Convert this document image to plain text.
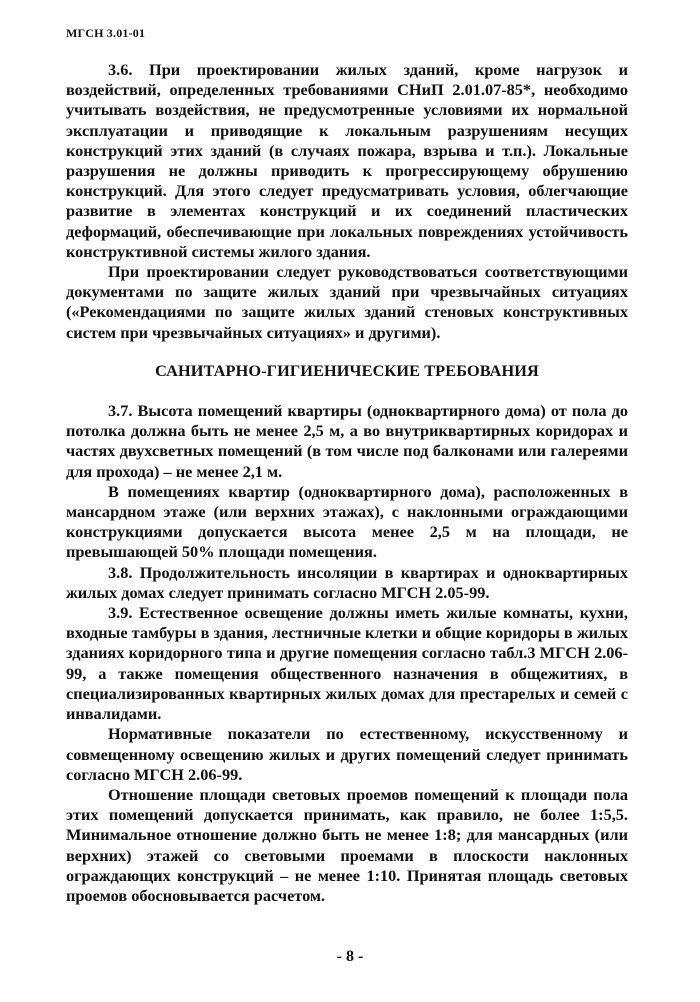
МГСН 3.01-01

3.6. При проектировании жилых зданий, кроме нагрузок и воздействий, определенных требованиями СНиП 2.01.07-85*, необходимо учитывать воздействия, не предусмотренные условиями их нормальной эксплуатации и приводящие к локальным разрушениям несущих конструкций этих зданий (в случаях пожара, взрыва и т.п.). Локальные разрушения не должны приводить к прогрессирующему обрушению конструкций. Для этого следует предусматривать условия, облегчающие развитие в элементах конструкций и их соединений пластических деформаций, обеспечивающие при локальных повреждениях устойчивость конструктивной системы жилого здания.

При проектировании следует руководствоваться соответствующими документами по защите жилых зданий при чрезвычайных ситуациях («Рекомендациями по защите жилых зданий стеновых конструктивных систем при чрезвычайных ситуациях» и другими).

САНИТАРНО-ГИГИЕНИЧЕСКИЕ ТРЕБОВАНИЯ

3.7. Высота помещений квартиры (одноквартирного дома) от пола до потолка должна быть не менее 2,5 м, а во внутриквартирных коридорах и частях двухсветных помещений (в том числе под балконами или галереями для прохода) – не менее 2,1 м.

В помещениях квартир (одноквартирного дома), расположенных в мансардном этаже (или верхних этажах), с наклонными ограждающими конструкциями допускается высота менее 2,5 м на площади, не превышающей 50% площади помещения.

3.8. Продолжительность инсоляции в квартирах и одноквартирных жилых домах следует принимать согласно МГСН 2.05-99.

3.9. Естественное освещение должны иметь жилые комнаты, кухни, входные тамбуры в здания, лестничные клетки и общие коридоры в жилых зданиях коридорного типа и другие помещения согласно табл.3 МГСН 2.06-99, а также помещения общественного назначения в общежитиях, в специализированных квартирных жилых домах для престарелых и семей с инвалидами.

Нормативные показатели по естественному, искусственному и совмещенному освещению жилых и других помещений следует принимать согласно МГСН 2.06-99.

Отношение площади световых проемов помещений к площади пола этих помещений допускается принимать, как правило, не более 1:5,5. Минимальное отношение должно быть не менее 1:8; для мансардных (или верхних) этажей со световыми проемами в плоскости наклонных ограждающих конструкций – не менее 1:10. Принятая площадь световых проемов обосновывается расчетом.

- 8 -
